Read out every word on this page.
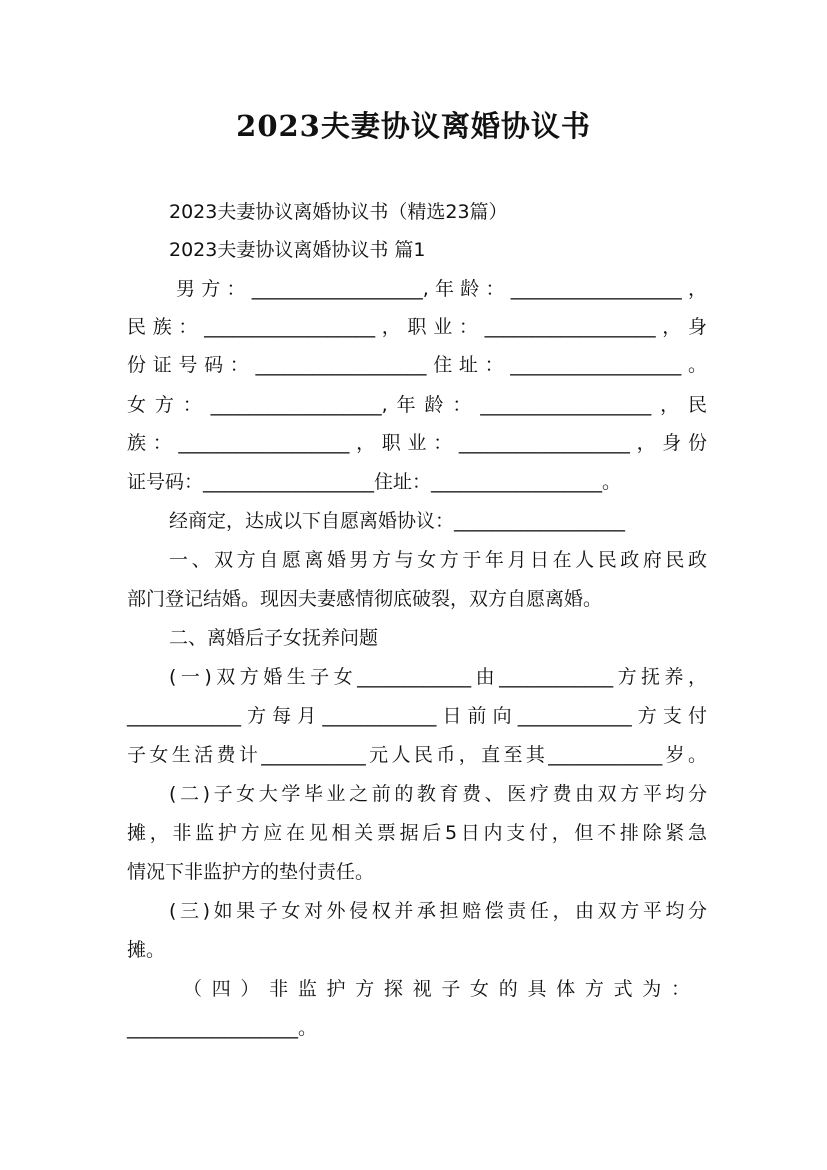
2023夫妻协议离婚协议书
2023夫妻协议离婚协议书（精选23篇）
2023夫妻协议离婚协议书 篇1
男方：__________________,年龄：__________________，
民族：__________________，职业：__________________，身
份证号码：__________________住址：__________________。
女方：__________________,年龄：__________________，民
族：__________________，职业：__________________，身份
证号码：__________________住址：__________________。
经商定，达成以下自愿离婚协议：__________________
一、双方自愿离婚男方与女方于年月日在人民政府民政
部门登记结婚。现因夫妻感情彻底破裂，双方自愿离婚。
二、离婚后子女抚养问题
(一)双方婚生子女____________由____________方抚养，
____________方每月____________日前向____________方支付
子女生活费计___________元人民币，直至其____________岁。
(二)子女大学毕业之前的教育费、医疗费由双方平均分
摊，非监护方应在见相关票据后5日内支付，但不排除紧急
情况下非监护方的垫付责任。
(三)如果子女对外侵权并承担赔偿责任，由双方平均分
摊。
（四）非监护方探视子女的具体方式为：
__________________。
